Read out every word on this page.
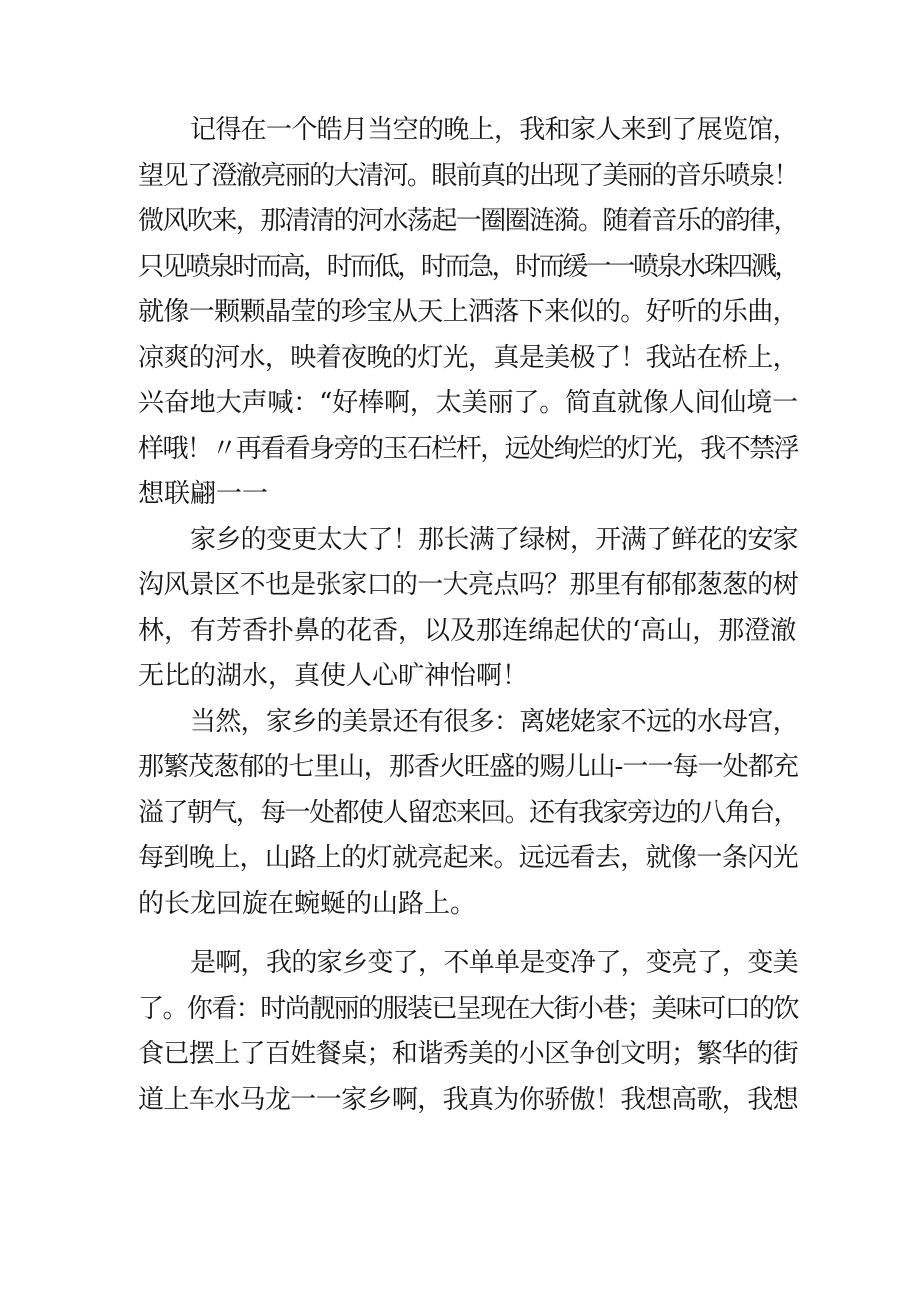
记得在一个皓月当空的晚上，我和家人来到了展览馆，
望见了澄澈亮丽的大清河。眼前真的出现了美丽的音乐喷泉！
微风吹来，那清清的河水荡起一圈圈涟漪。随着音乐的韵律，
只见喷泉时而高，时而低，时而急，时而缓一一喷泉水珠四溅，
就像一颗颗晶莹的珍宝从天上洒落下来似的。好听的乐曲，
凉爽的河水，映着夜晚的灯光，真是美极了！我站在桥上，
兴奋地大声喊：“好棒啊，太美丽了。简直就像人间仙境一
样哦！〃再看看身旁的玉石栏杆，远处绚烂的灯光，我不禁浮
想联翩一一
家乡的变更太大了！那长满了绿树，开满了鲜花的安家
沟风景区不也是张家口的一大亮点吗？那里有郁郁葱葱的树
林，有芳香扑鼻的花香，以及那连绵起伏的‘高山，那澄澈
无比的湖水，真使人心旷神怡啊！
当然，家乡的美景还有很多：离姥姥家不远的水母宫，
那繁茂葱郁的七里山，那香火旺盛的赐儿山-一一每一处都充
溢了朝气，每一处都使人留恋来回。还有我家旁边的八角台，
每到晚上，山路上的灯就亮起来。远远看去，就像一条闪光
的长龙回旋在蜿蜒的山路上。
是啊，我的家乡变了，不单单是变净了，变亮了，变美
了。你看：时尚靓丽的服装已呈现在大街小巷；美味可口的饮
食已摆上了百姓餐桌；和谐秀美的小区争创文明；繁华的街
道上车水马龙一一家乡啊，我真为你骄傲！我想高歌，我想
